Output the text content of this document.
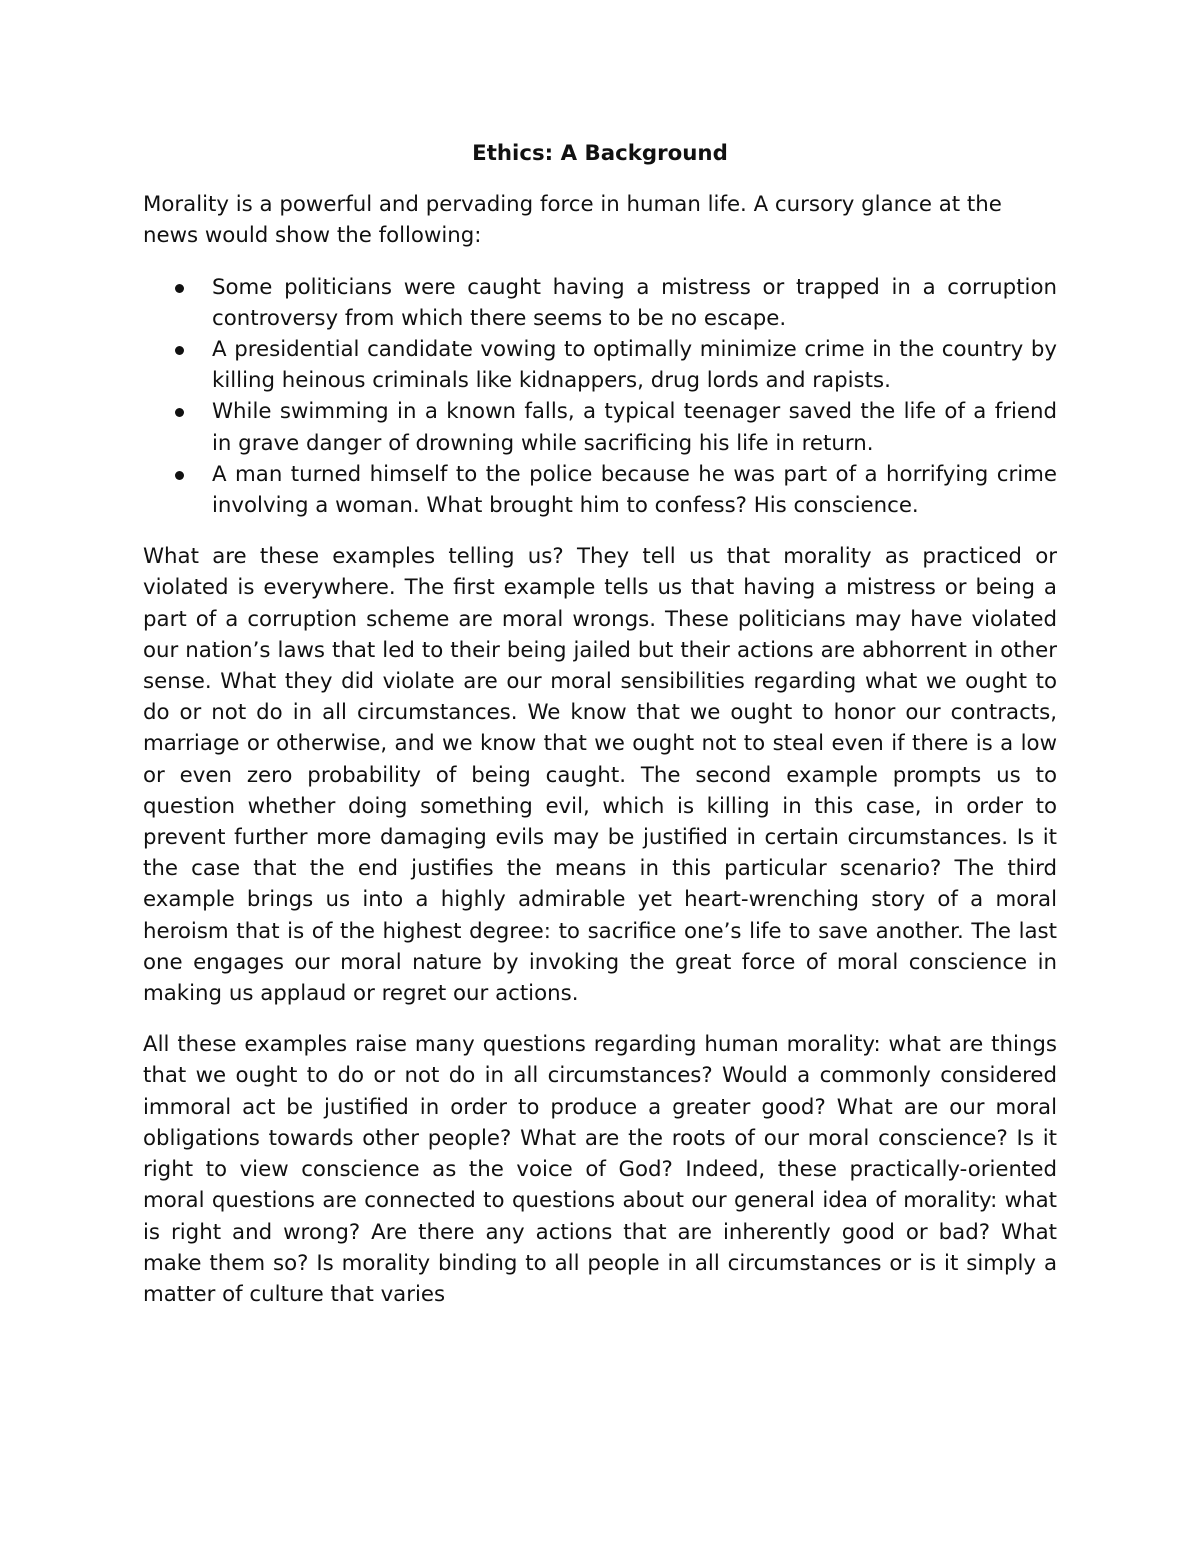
Ethics: A Background
Morality is a powerful and pervading force in human life. A cursory glance at the news would show the following:
Some politicians were caught having a mistress or trapped in a corruption controversy from which there seems to be no escape.
A presidential candidate vowing to optimally minimize crime in the country by killing heinous criminals like kidnappers, drug lords and rapists.
While swimming in a known falls, a typical teenager saved the life of a friend in grave danger of drowning while sacrificing his life in return.
A man turned himself to the police because he was part of a horrifying crime involving a woman. What brought him to confess? His conscience.
What are these examples telling us? They tell us that morality as practiced or violated is everywhere. The first example tells us that having a mistress or being a part of a corruption scheme are moral wrongs. These politicians may have violated our nation’s laws that led to their being jailed but their actions are abhorrent in other sense. What they did violate are our moral sensibilities regarding what we ought to do or not do in all circumstances. We know that we ought to honor our contracts, marriage or otherwise, and we know that we ought not to steal even if there is a low or even zero probability of being caught. The second example prompts us to question whether doing something evil, which is killing in this case, in order to prevent further more damaging evils may be justified in certain circumstances. Is it the case that the end justifies the means in this particular scenario? The third example brings us into a highly admirable yet heart-wrenching story of a moral heroism that is of the highest degree: to sacrifice one’s life to save another. The last one engages our moral nature by invoking the great force of moral conscience in making us applaud or regret our actions.
All these examples raise many questions regarding human morality: what are things that we ought to do or not do in all circumstances? Would a commonly considered immoral act be justified in order to produce a greater good? What are our moral obligations towards other people? What are the roots of our moral conscience? Is it right to view conscience as the voice of God? Indeed, these practically-oriented moral questions are connected to questions about our general idea of morality: what is right and wrong? Are there any actions that are inherently good or bad? What make them so? Is morality binding to all people in all circumstances or is it simply a matter of culture that varies
